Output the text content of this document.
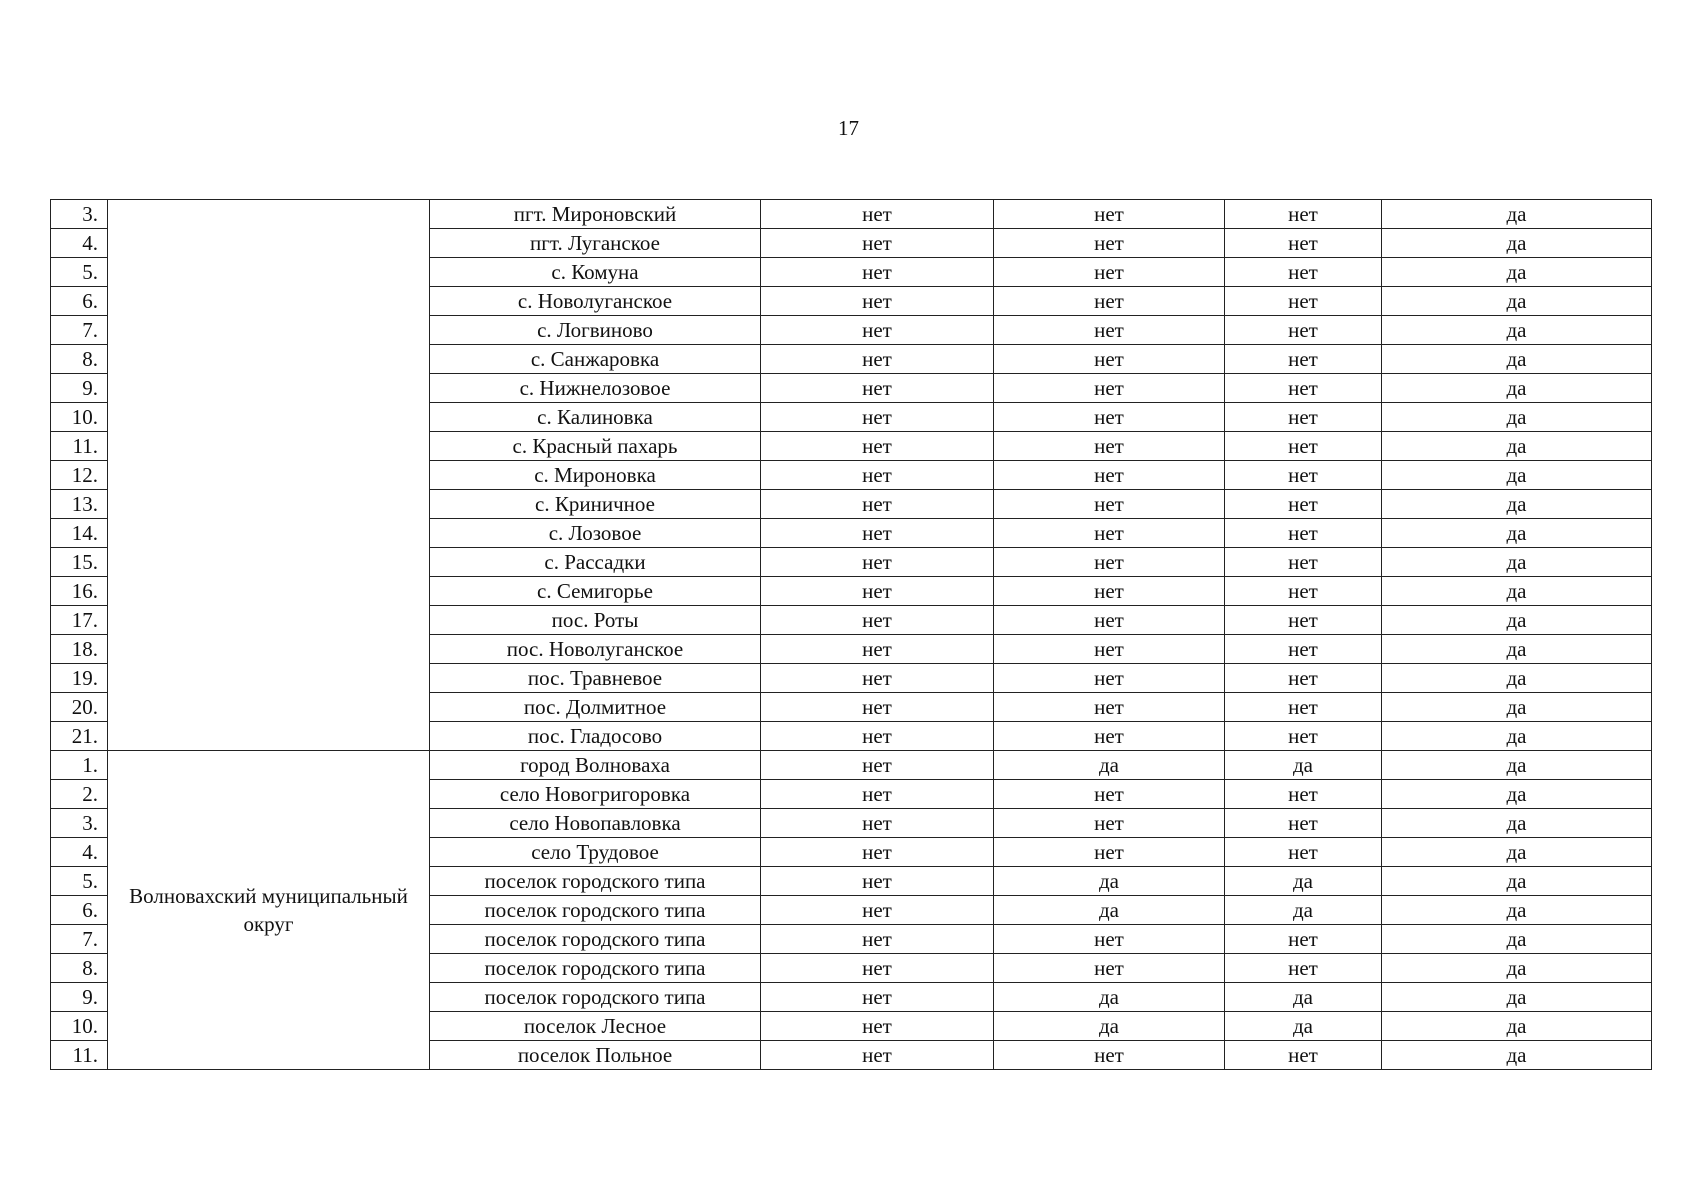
17
3.		пгт. Мироновский	нет	нет	нет	да
4.		пгт. Луганское	нет	нет	нет	да
5.		с. Комуна	нет	нет	нет	да
6.		с. Новолуганское	нет	нет	нет	да
7.		с. Логвиново	нет	нет	нет	да
8.		с. Санжаровка	нет	нет	нет	да
9.		с. Нижнелозовое	нет	нет	нет	да
10.		с. Калиновка	нет	нет	нет	да
11.		с. Красный пахарь	нет	нет	нет	да
12.		с. Мироновка	нет	нет	нет	да
13.		с. Криничное	нет	нет	нет	да
14.		с. Лозовое	нет	нет	нет	да
15.		с. Рассадки	нет	нет	нет	да
16.		с. Семигорье	нет	нет	нет	да
17.		пос. Роты	нет	нет	нет	да
18.		пос. Новолуганское	нет	нет	нет	да
19.		пос. Травневое	нет	нет	нет	да
20.		пос. Долмитное	нет	нет	нет	да
21.		пос. Гладосово	нет	нет	нет	да
1.	Волновахский муниципальный округ	город Волноваха	нет	да	да	да
2.		село Новогригоровка	нет	нет	нет	да
3.		село Новопавловка	нет	нет	нет	да
4.		село Трудовое	нет	нет	нет	да
5.		поселок городского типа	нет	да	да	да
6.		поселок городского типа	нет	да	да	да
7.		поселок городского типа	нет	нет	нет	да
8.		поселок городского типа	нет	нет	нет	да
9.		поселок городского типа	нет	да	да	да
10.		поселок Лесное	нет	да	да	да
11.		поселок Польное	нет	нет	нет	да
